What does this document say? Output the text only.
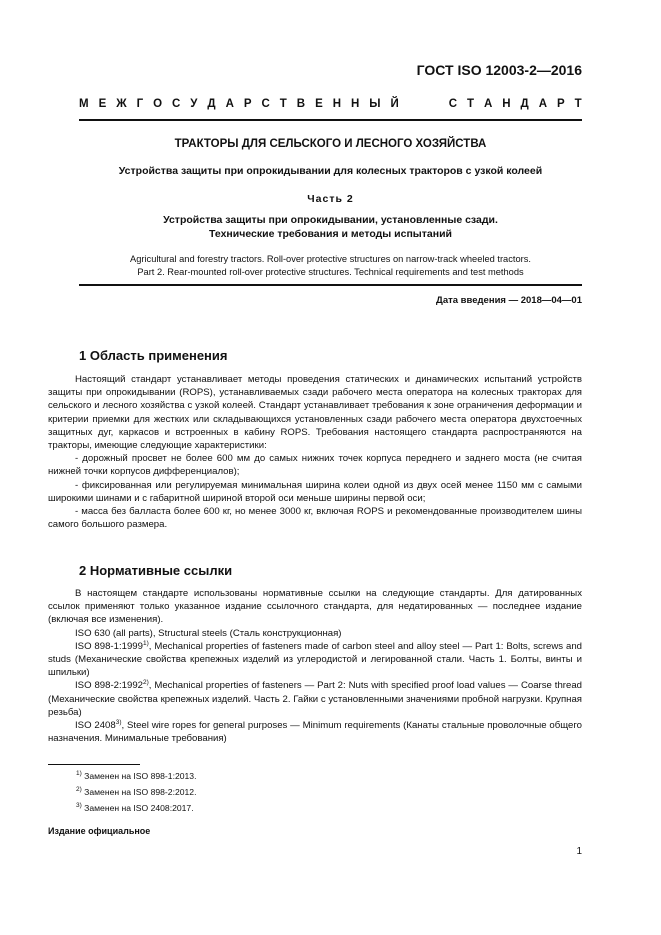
ГОСТ ISO 12003-2—2016
М Е Ж Г О С У Д А Р С Т В Е Н Н Ы Й	С Т А Н Д А Р Т
ТРАКТОРЫ ДЛЯ СЕЛЬСКОГО И ЛЕСНОГО ХОЗЯЙСТВА
Устройства защиты при опрокидывании для колесных тракторов с узкой колеей
Часть 2
Устройства защиты при опрокидывании, установленные сзади.
Технические требования и методы испытаний
Agricultural and forestry tractors. Roll-over protective structures on narrow-track wheeled tractors.
Part 2. Rear-mounted roll-over protective structures. Technical requirements and test methods
Дата введения — 2018—04—01
1 Область применения

Настоящий стандарт устанавливает методы проведения статических и динамических испытаний устройств защиты при опрокидывании (ROPS), устанавливаемых сзади рабочего места оператора на колесных тракторах для сельского и лесного хозяйства с узкой колеей. Стандарт устанавливает требования к зоне ограничения деформации и критерии приемки для жестких или складывающихся установленных сзади рабочего места оператора двухстоечных защитных дуг, каркасов и встроенных в кабину ROPS. Требования настоящего стандарта распространяются на тракторы, имеющие следующие характеристики:

- дорожный просвет не более 600 мм до самых нижних точек корпуса переднего и заднего моста (не считая нижней точки корпусов дифференциалов);

- фиксированная или регулируемая минимальная ширина колеи одной из двух осей менее 1150 мм с самыми широкими шинами и с габаритной шириной второй оси меньше ширины первой оси;

- масса без балласта более 600 кг, но менее 3000 кг, включая ROPS и рекомендованные производителем шины самого большого размера.

2 Нормативные ссылки

В настоящем стандарте использованы нормативные ссылки на следующие стандарты. Для датированных ссылок применяют только указанное издание ссылочного стандарта, для недатированных — последнее издание (включая все изменения).

ISO 630 (all parts), Structural steels (Сталь конструкционная)

ISO 898-1:1999$^{1)}$, Mechanical properties of fasteners made of carbon steel and alloy steel — Part 1: Bolts, screws and studs (Механические свойства крепежных изделий из углеродистой и легированной стали. Часть 1. Болты, винты и шпильки)

ISO 898-2:1992$^{2)}$, Mechanical properties of fasteners — Part 2: Nuts with specified proof load values — Coarse thread (Механические свойства крепежных изделий. Часть 2. Гайки с установленными значениями пробной нагрузки. Крупная резьба)

ISO 2408$^{3)}$, Steel wire ropes for general purposes — Minimum requirements (Канаты стальные проволочные общего назначения. Минимальные требования)

$^{1)}$ Заменен на ISO 898-1:2013.
$^{2)}$ Заменен на ISO 898-2:2012.
$^{3)}$ Заменен на ISO 2408:2017.
Издание официальное
1
